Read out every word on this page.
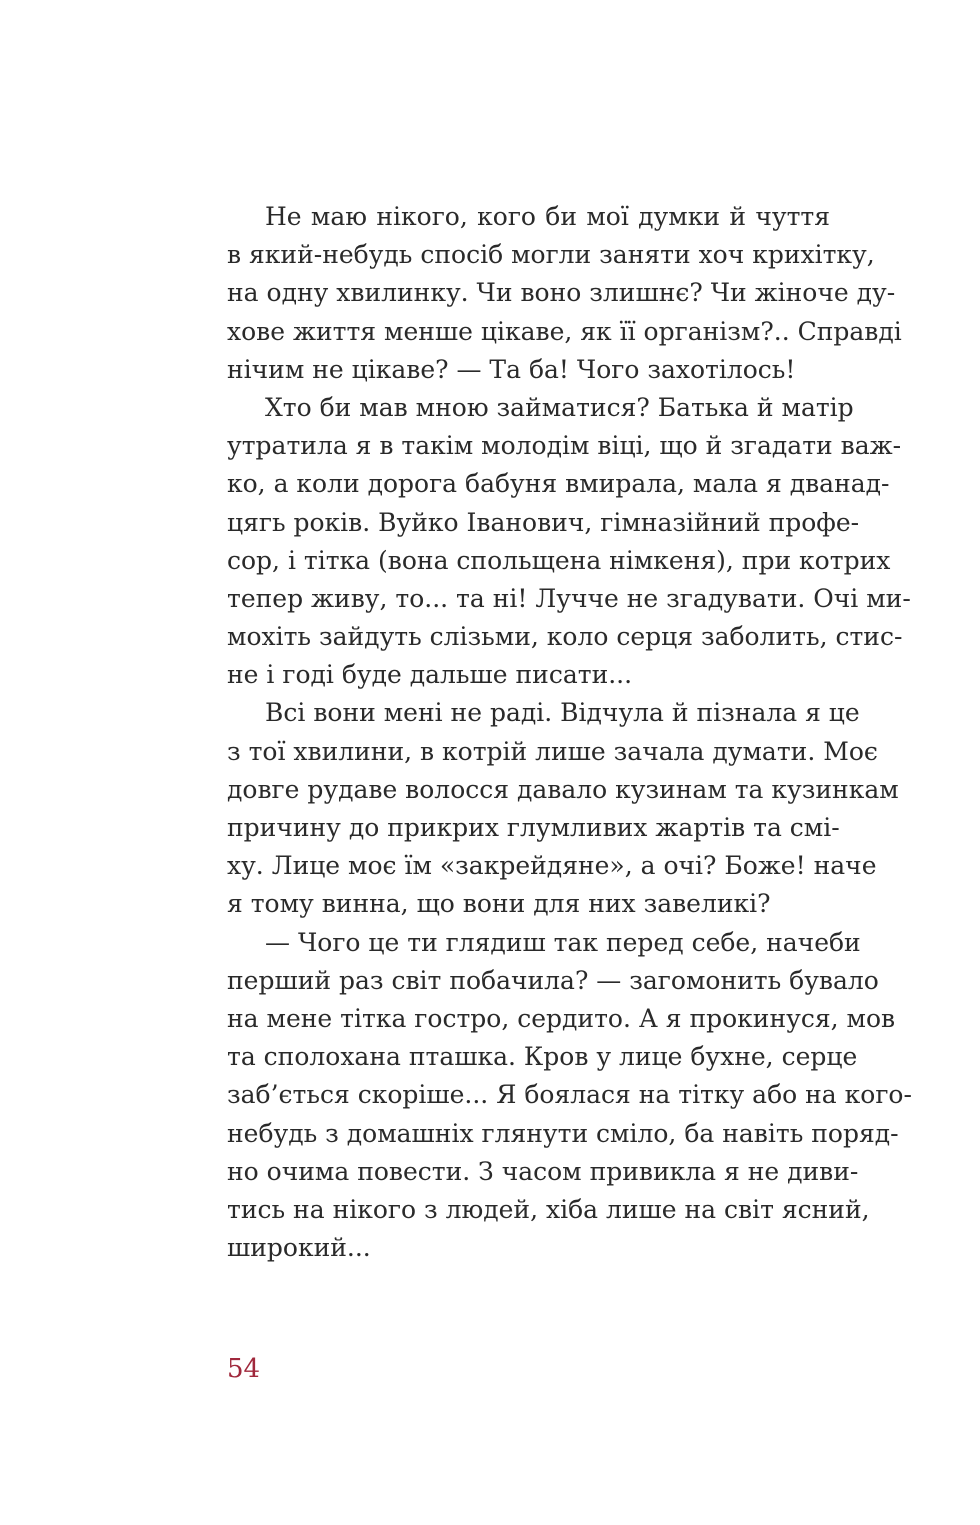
Не маю нікого, кого би мої думки й чуття
в який-небудь спосіб могли заняти хоч крихітку,
на одну хвилинку. Чи воно злишнє? Чи жіноче ду-
хове життя менше цікаве, як її організм?.. Справді
нічим не цікаве? — Та ба! Чого захотілось!
Хто би мав мною займатися? Батька й матір
утратила я в такім молодім віці, що й згадати важ-
ко, а коли дорога бабуня вмирала, мала я дванад-
цягь років. Вуйко Іванович, гімназійний профе-
сор, і тітка (вона спольщена німкеня), при котрих
тепер живу, то... та ні! Лучче не згадувати. Очі ми-
мохіть зайдуть слізьми, коло серця заболить, стис-
не і годі буде дальше писати...
Всі вони мені не раді. Відчула й пізнала я це
з тої хвилини, в котрій лише зачала думати. Моє
довге рудаве волосся давало кузинам та кузинкам
причину до прикрих глумливих жартів та смі-
ху. Лице моє їм «закрейдяне», а очі? Боже! наче
я тому винна, що вони для них завеликі?
— Чого це ти глядиш так перед себе, начеби
перший раз світ побачила? — загомонить бувало
на мене тітка гостро, сердито. А я прокинуся, мов
та сполохана пташка. Кров у лице бухне, серце
заб’ється скоріше... Я боялася на тітку або на кого-
небудь з домашніх глянути сміло, ба навіть поряд-
но очима повести. З часом привикла я не диви-
тись на нікого з людей, хіба лише на світ ясний,
широкий...
54
